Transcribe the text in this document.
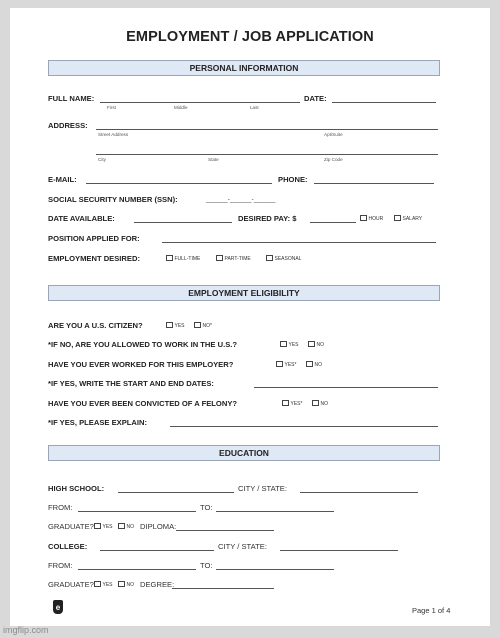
EMPLOYMENT / JOB APPLICATION
PERSONAL INFORMATION
FULL NAME:
First	Middle	Last
DATE:
ADDRESS:
Street Address	Apt/Suite
City	State	Zip Code
E-MAIL:	PHONE:
SOCIAL SECURITY NUMBER (SSN):	______-______-______
DATE AVAILABLE:	DESIRED PAY: $	HOUR	SALARY
POSITION APPLIED FOR:
EMPLOYMENT DESIRED:	FULL-TIME	PART-TIME	SEASONAL
EMPLOYMENT ELIGIBILITY
ARE YOU A U.S. CITIZEN?	YES	NO*
*IF NO, ARE YOU ALLOWED TO WORK IN THE U.S.?	YES	NO
HAVE YOU EVER WORKED FOR THIS EMPLOYER?	YES*	NO
*IF YES, WRITE THE START AND END DATES:
HAVE YOU EVER BEEN CONVICTED OF A FELONY?	YES*	NO
*IF YES, PLEASE EXPLAIN:
EDUCATION
HIGH SCHOOL:	CITY / STATE:
FROM:	TO:
GRADUATE?	YES	NO DIPLOMA:
COLLEGE:	CITY / STATE:
FROM:	TO:
GRADUATE?	YES	NO DEGREE:
e	Page 1 of 4
imgflip.com
